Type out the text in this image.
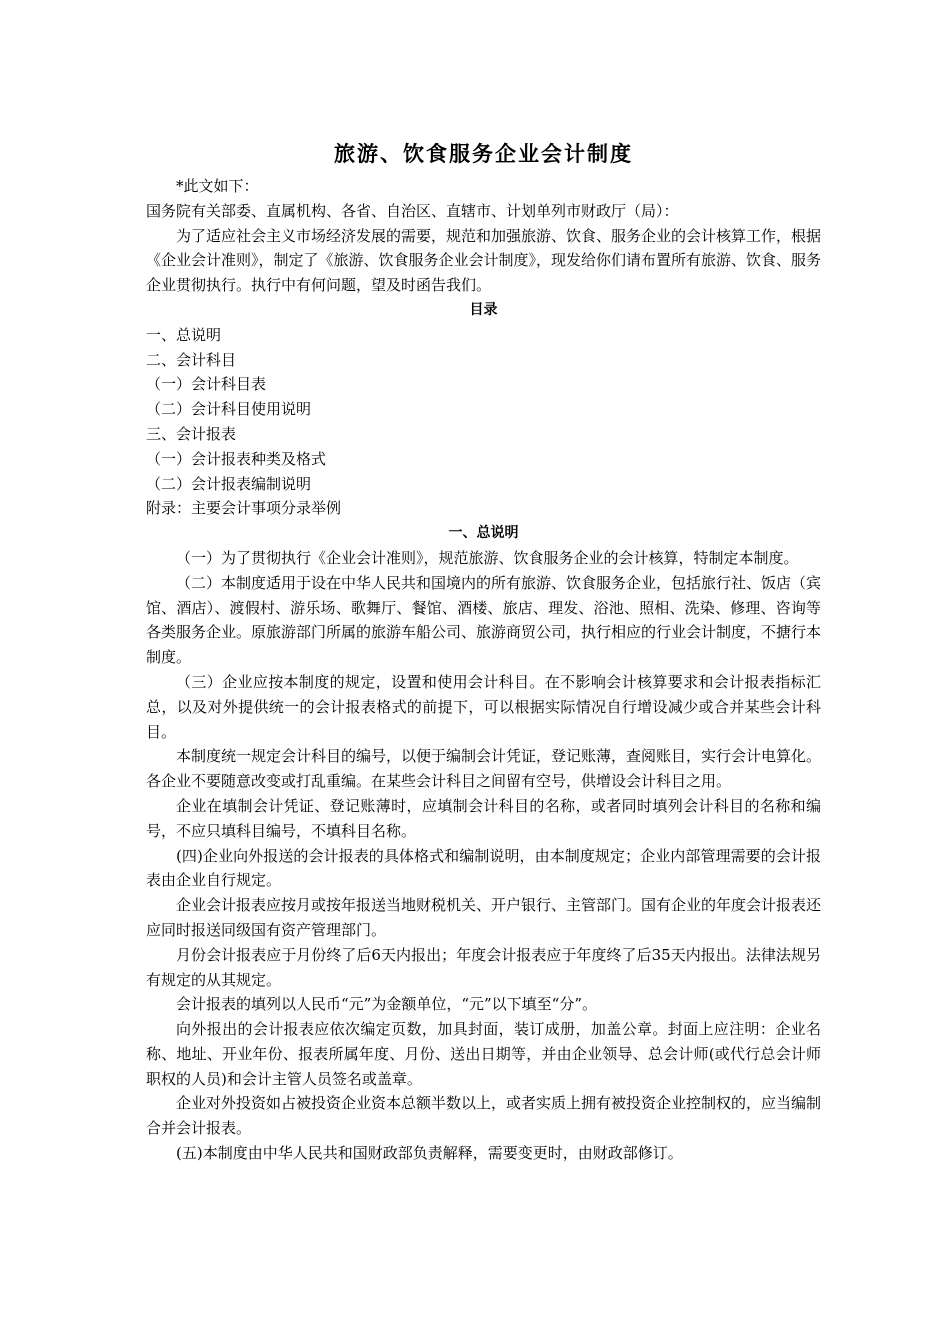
旅游、饮食服务企业会计制度

*此文如下：

国务院有关部委、直属机构、各省、自治区、直辖市、计划单列市财政厅（局）：

为了适应社会主义市场经济发展的需要，规范和加强旅游、饮食、服务企业的会计核算工作，根据《企业会计准则》，制定了《旅游、饮食服务企业会计制度》，现发给你们请布置所有旅游、饮食、服务企业贯彻执行。执行中有何问题，望及时函告我们。

目录

一、总说明

二、会计科目

（一）会计科目表

（二）会计科目使用说明

三、会计报表

（一）会计报表种类及格式

（二）会计报表编制说明

附录：主要会计事项分录举例

一、总说明

（一）为了贯彻执行《企业会计准则》，规范旅游、饮食服务企业的会计核算，特制定本制度。

（二）本制度适用于设在中华人民共和国境内的所有旅游、饮食服务企业，包括旅行社、饭店（宾馆、酒店）、渡假村、游乐场、歌舞厅、餐馆、酒楼、旅店、理发、浴池、照相、洗染、修理、咨询等各类服务企业。原旅游部门所属的旅游车船公司、旅游商贸公司，执行相应的行业会计制度，不搪行本制度。

（三）企业应按本制度的规定，设置和使用会计科目。在不影响会计核算要求和会计报表指标汇总，以及对外提供统一的会计报表格式的前提下，可以根据实际情况自行增设减少或合并某些会计科目。

本制度统一规定会计科目的编号，以便于编制会计凭证，登记账薄，查阅账目，实行会计电算化。各企业不要随意改变或打乱重编。在某些会计科目之间留有空号，供增设会计科目之用。

企业在填制会计凭证、登记账薄时，应填制会计科目的名称，或者同时填列会计科目的名称和编号，不应只填科目编号，不填科目名称。

(四)企业向外报送的会计报表的具体格式和编制说明，由本制度规定；企业内部管理需要的会计报表由企业自行规定。

企业会计报表应按月或按年报送当地财税机关、开户银行、主管部门。国有企业的年度会计报表还应同时报送同级国有资产管理部门。

月份会计报表应于月份终了后6天内报出；年度会计报表应于年度终了后35天内报出。法律法规另有规定的从其规定。

会计报表的填列以人民币“元”为金额单位，“元”以下填至“分”。

向外报出的会计报表应依次编定页数，加具封面，装订成册，加盖公章。封面上应注明：企业名称、地址、开业年份、报表所属年度、月份、送出日期等，并由企业领导、总会计师(或代行总会计师职权的人员)和会计主管人员签名或盖章。

企业对外投资如占被投资企业资本总额半数以上，或者实质上拥有被投资企业控制权的，应当编制合并会计报表。

(五)本制度由中华人民共和国财政部负责解释，需要变更时，由财政部修订。
